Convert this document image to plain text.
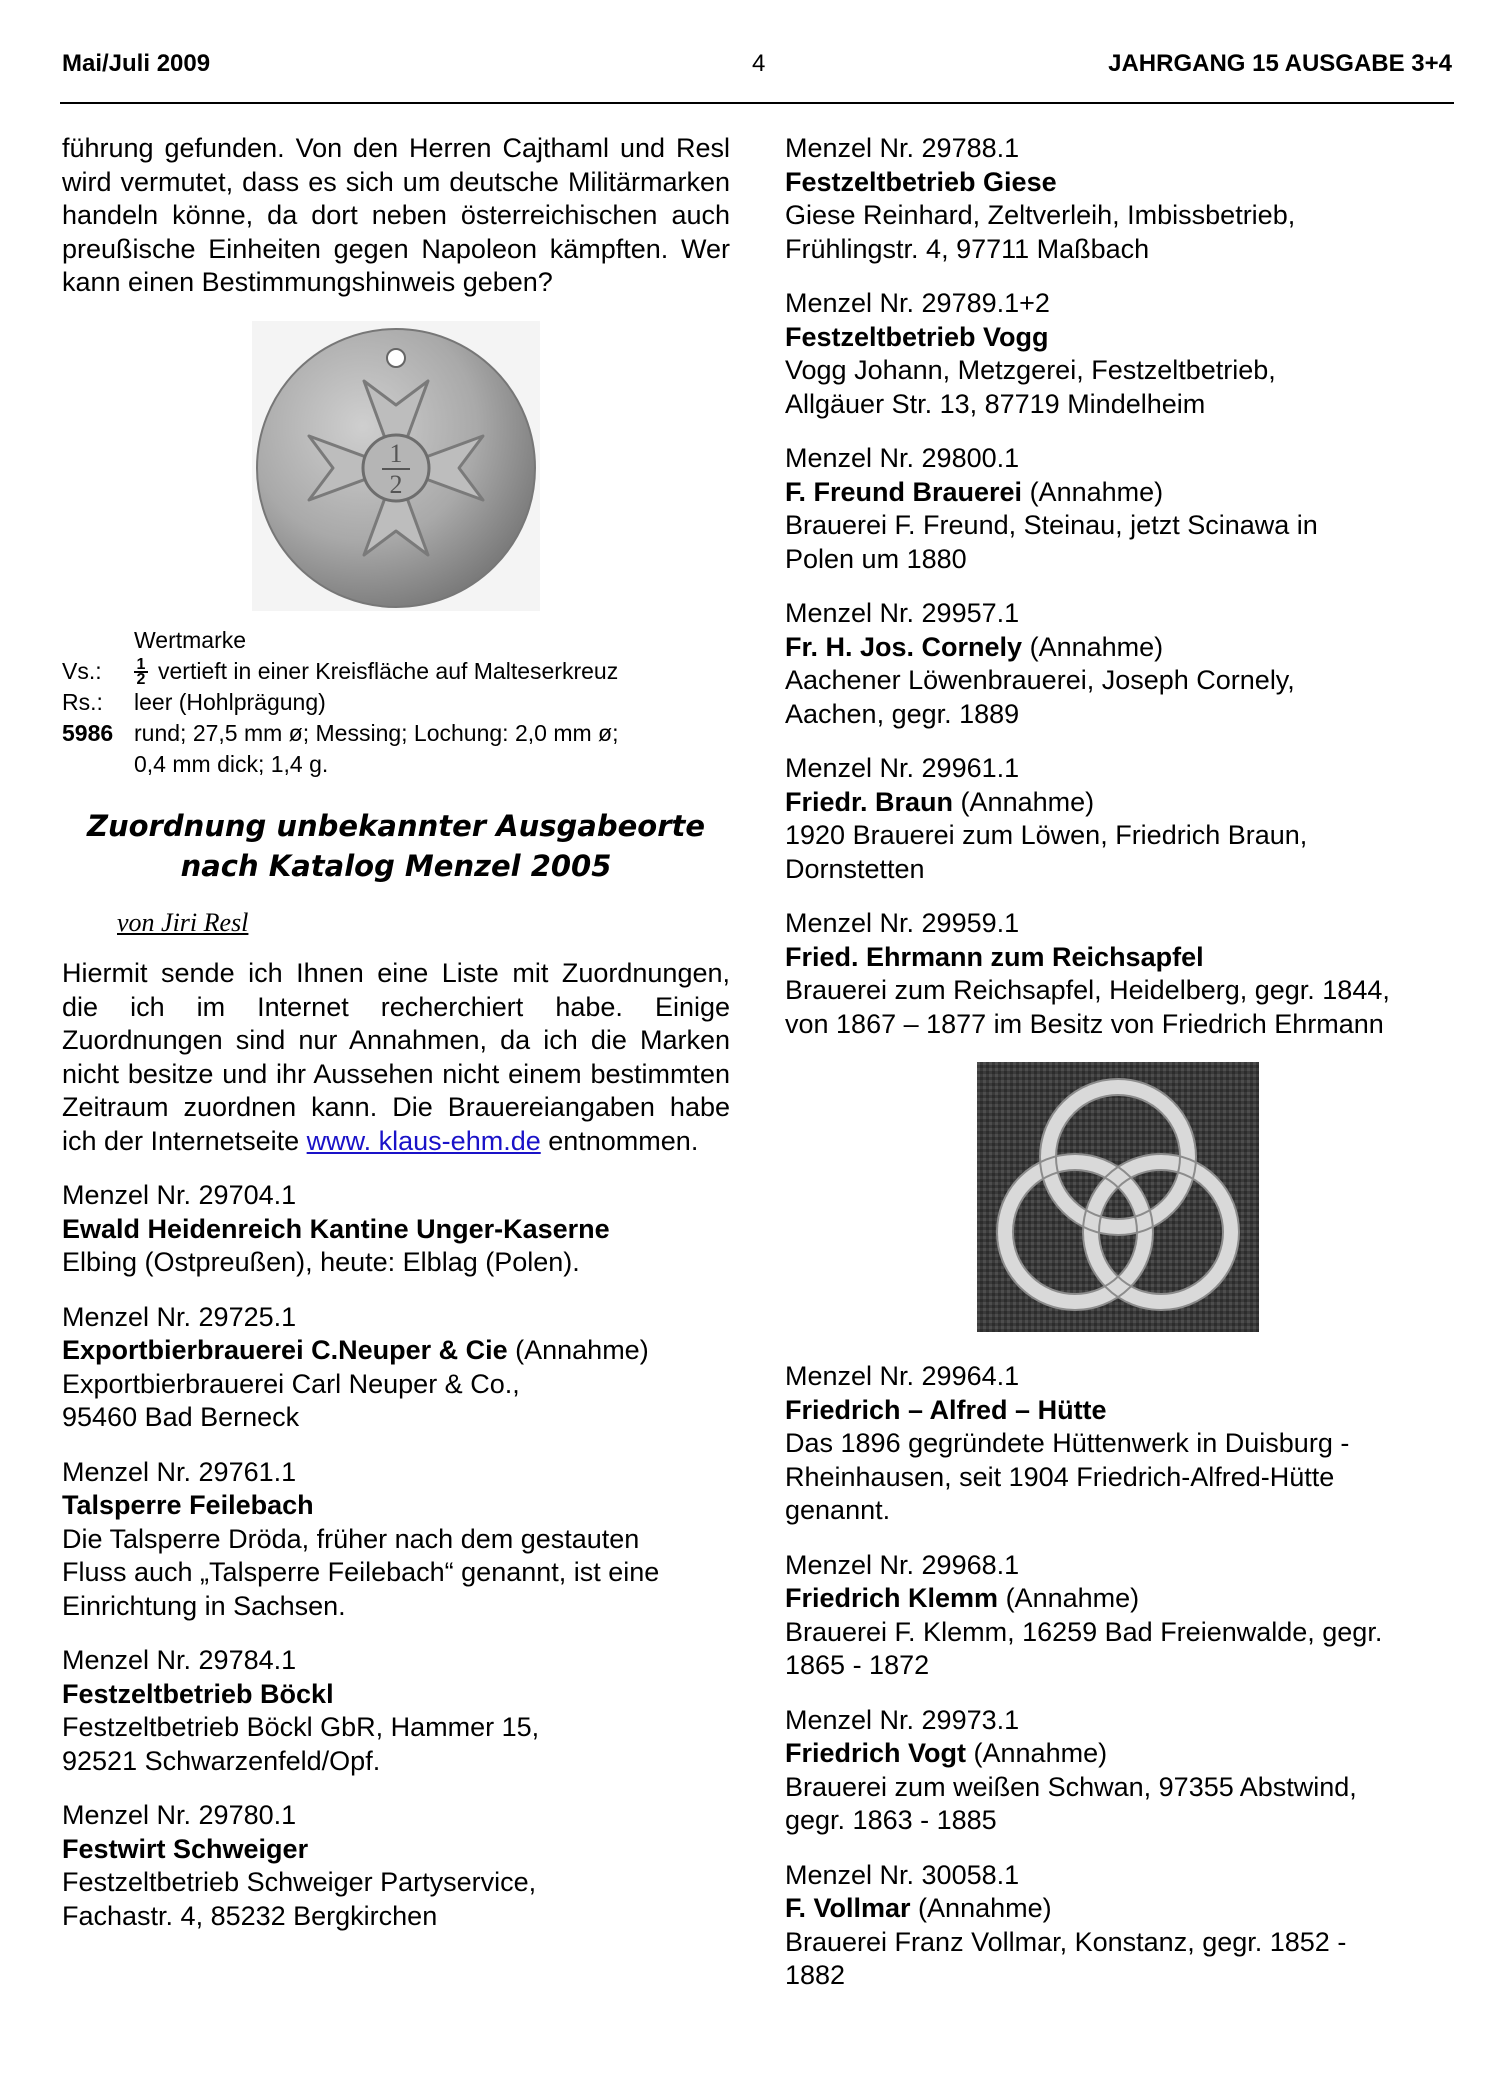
Mai/Juli 2009	4	JAHRGANG 15 AUSGABE 3+4

führung gefunden. Von den Herren Cajthaml und Resl wird vermutet, dass es sich um deutsche Militärmarken handeln könne, da dort neben österreichischen auch preußische Einheiten gegen Napoleon kämpften. Wer kann einen Bestimmungshinweis geben?

1
2
Wertmarke
Vs.:	$\frac{1}{2}$ vertieft in einer Kreisfläche auf Malteserkreuz
Rs.:	leer (Hohlprägung)
5986 rund; 27,5 mm ø; Messing; Lochung: 2,0 mm ø;
0,4 mm dick; 1,4 g.
Zuordnung unbekannter Ausgabeorte
nach Katalog Menzel 2005
von Jiri Resl

Hiermit sende ich Ihnen eine Liste mit Zuordnungen, die ich im Internet recherchiert habe. Einige Zuordnungen sind nur Annahmen, da ich die Marken nicht besitze und ihr Aussehen nicht einem bestimmten Zeitraum zuordnen kann. Die Brauereiangaben habe ich der Internetseite www. klaus-ehm.de entnommen.

Menzel Nr. 29704.1
Ewald Heidenreich Kantine Unger-Kaserne
Elbing (Ostpreußen), heute: Elblag (Polen).
Menzel Nr. 29725.1
Exportbierbrauerei C.Neuper & Cie (Annahme)
Exportbierbrauerei Carl Neuper & Co.,
95460 Bad Berneck
Menzel Nr. 29761.1
Talsperre Feilebach
Die Talsperre Dröda, früher nach dem gestauten
Fluss auch „Talsperre Feilebach“ genannt, ist eine
Einrichtung in Sachsen.
Menzel Nr. 29784.1
Festzeltbetrieb Böckl
Festzeltbetrieb Böckl GbR, Hammer 15,
92521 Schwarzenfeld/Opf.
Menzel Nr. 29780.1
Festwirt Schweiger
Festzeltbetrieb Schweiger Partyservice,
Fachastr. 4, 85232 Bergkirchen
Menzel Nr. 29788.1
Festzeltbetrieb Giese
Giese Reinhard, Zeltverleih, Imbissbetrieb,
Frühlingstr. 4, 97711 Maßbach
Menzel Nr. 29789.1+2
Festzeltbetrieb Vogg
Vogg Johann, Metzgerei, Festzeltbetrieb,
Allgäuer Str. 13, 87719 Mindelheim
Menzel Nr. 29800.1
F. Freund Brauerei (Annahme)
Brauerei F. Freund, Steinau, jetzt Scinawa in
Polen um 1880
Menzel Nr. 29957.1
Fr. H. Jos. Cornely (Annahme)
Aachener Löwenbrauerei, Joseph Cornely,
Aachen, gegr. 1889
Menzel Nr. 29961.1
Friedr. Braun (Annahme)
1920 Brauerei zum Löwen, Friedrich Braun,
Dornstetten
Menzel Nr. 29959.1
Fried. Ehrmann zum Reichsapfel
Brauerei zum Reichsapfel, Heidelberg, gegr. 1844,
von 1867 – 1877 im Besitz von Friedrich Ehrmann
Menzel Nr. 29964.1
Friedrich – Alfred – Hütte
Das 1896 gegründete Hüttenwerk in Duisburg -
Rheinhausen, seit 1904 Friedrich-Alfred-Hütte
genannt.
Menzel Nr. 29968.1
Friedrich Klemm (Annahme)
Brauerei F. Klemm, 16259 Bad Freienwalde, gegr.
1865 - 1872
Menzel Nr. 29973.1
Friedrich Vogt (Annahme)
Brauerei zum weißen Schwan, 97355 Abstwind,
gegr. 1863 - 1885
Menzel Nr. 30058.1
F. Vollmar (Annahme)
Brauerei Franz Vollmar, Konstanz, gegr. 1852 -
1882
